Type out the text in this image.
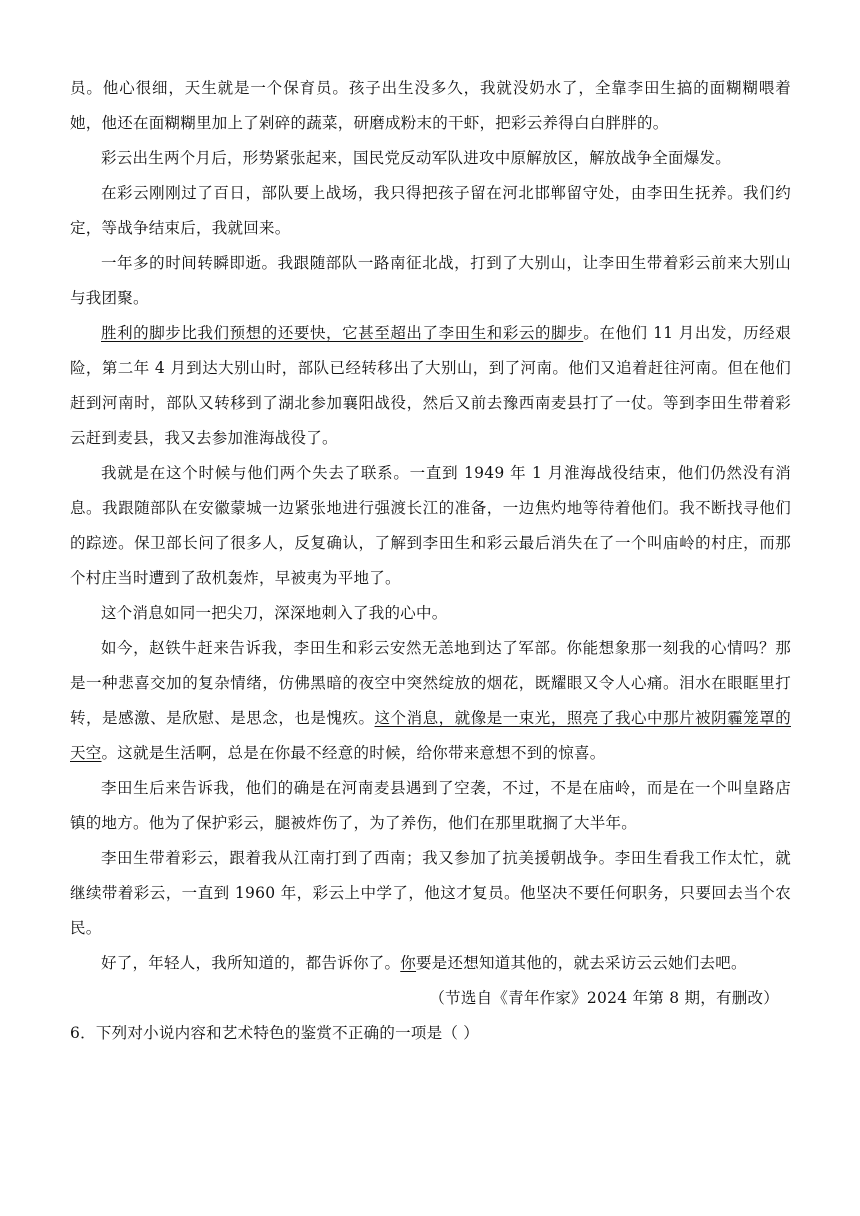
员。他心很细，天生就是一个保育员。孩子出生没多久，我就没奶水了，全靠李田生搞的面糊糊喂着她，他还在面糊糊里加上了剁碎的蔬菜，研磨成粉末的干虾，把彩云养得白白胖胖的。

彩云出生两个月后，形势紧张起来，国民党反动军队进攻中原解放区，解放战争全面爆发。

在彩云刚刚过了百日，部队要上战场，我只得把孩子留在河北邯郸留守处，由李田生抚养。我们约定，等战争结束后，我就回来。

一年多的时间转瞬即逝。我跟随部队一路南征北战，打到了大别山，让李田生带着彩云前来大别山与我团聚。

胜利的脚步比我们预想的还要快，它甚至超出了李田生和彩云的脚步。在他们 11 月出发，历经艰险，第二年 4 月到达大别山时，部队已经转移出了大别山，到了河南。他们又追着赶往河南。但在他们赶到河南时，部队又转移到了湖北参加襄阳战役，然后又前去豫西南麦县打了一仗。等到李田生带着彩云赶到麦县，我又去参加淮海战役了。

我就是在这个时候与他们两个失去了联系。一直到 1949 年 1 月淮海战役结束，他们仍然没有消息。我跟随部队在安徽蒙城一边紧张地进行强渡长江的准备，一边焦灼地等待着他们。我不断找寻他们的踪迹。保卫部长问了很多人，反复确认，了解到李田生和彩云最后消失在了一个叫庙岭的村庄，而那个村庄当时遭到了敌机轰炸，早被夷为平地了。

这个消息如同一把尖刀，深深地刺入了我的心中。

如今，赵铁牛赶来告诉我，李田生和彩云安然无恙地到达了军部。你能想象那一刻我的心情吗？那是一种悲喜交加的复杂情绪，仿佛黑暗的夜空中突然绽放的烟花，既耀眼又令人心痛。泪水在眼眶里打转，是感激、是欣慰、是思念，也是愧疚。这个消息，就像是一束光，照亮了我心中那片被阴霾笼罩的天空。这就是生活啊，总是在你最不经意的时候，给你带来意想不到的惊喜。

李田生后来告诉我，他们的确是在河南麦县遇到了空袭，不过，不是在庙岭，而是在一个叫皇路店镇的地方。他为了保护彩云，腿被炸伤了，为了养伤，他们在那里耽搁了大半年。

李田生带着彩云，跟着我从江南打到了西南；我又参加了抗美援朝战争。李田生看我工作太忙，就继续带着彩云，一直到 1960 年，彩云上中学了，他这才复员。他坚决不要任何职务，只要回去当个农民。

好了，年轻人，我所知道的，都告诉你了。你要是还想知道其他的，就去采访云云她们去吧。

（节选自《青年作家》2024 年第 8 期，有删改）

6．下列对小说内容和艺术特色的鉴赏不正确的一项是（ ）
